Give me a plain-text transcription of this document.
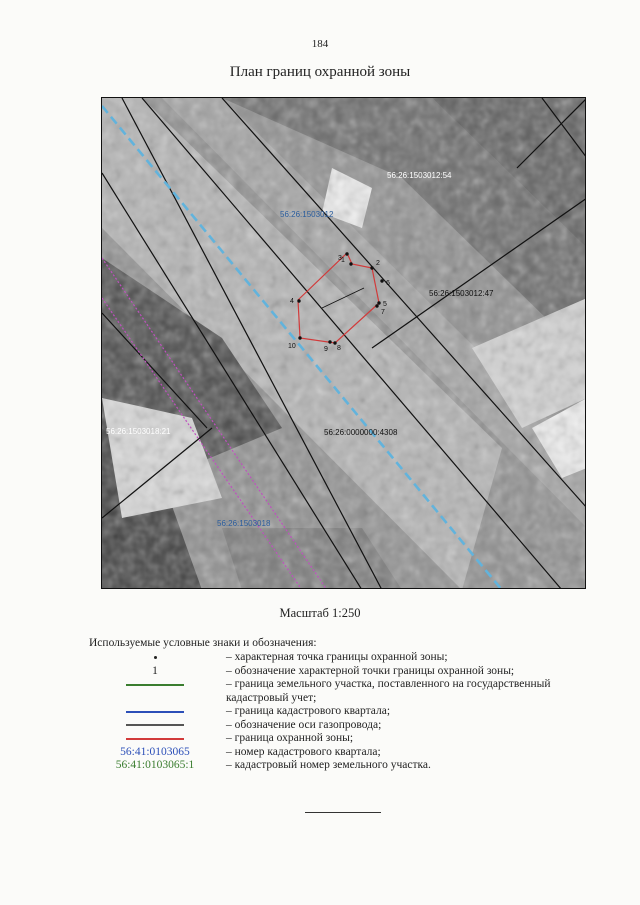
184
План границ охранной зоны
1	2
3
4	5
6
7
8
9
10
56:26:1503012:54
56:26:1503012
56:26:1503012:47
56:26:1503018:21	56:26:0000000:4308
56:26:1503018
Масштаб 1:250
Используемые условные знаки и обозначения:
– характерная точка границы охранной зоны;
1	– обозначение характерной точки границы охранной зоны;
– граница земельного участка, поставленного на государственный кадастровый учет;
– граница кадастрового квартала;
– обозначение оси газопровода;
– граница охранной зоны;
56:41:0103065	– номер кадастрового квартала;
56:41:0103065:1	– кадастровый номер земельного участка.
